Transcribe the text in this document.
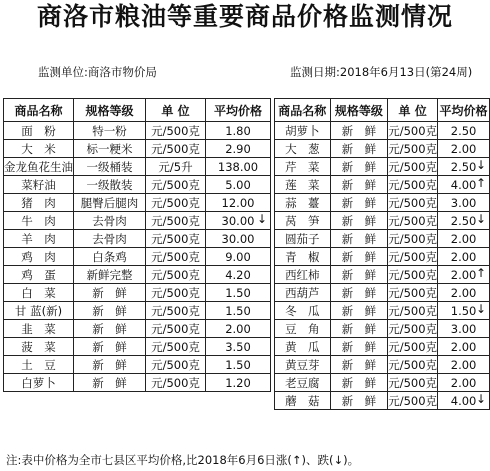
商洛市粮油等重要商品价格监测情况
监测单位:商洛市物价局	监测日期:2018年6月13日(第24周)
商品名称	规格等级	单 位	平均价格
面　粉	特一粉	元/500克	1.80
大　米	标一粳米	元/500克	2.90
金龙鱼花生油	一级桶装	元/5升	138.00
菜籽油	一级散装	元/500克	5.00
猪　肉	腿臀后腿肉	元/500克	12.00
牛　肉	去骨肉	元/500克	30.00 ↓

羊　肉	去骨肉	元/500克	30.00
鸡　肉	白条鸡	元/500克	9.00
鸡　蛋	新鲜完整	元/500克	4.20
白　菜	新　鲜	元/500克	1.50
甘 蓝(新)	新　鲜	元/500克	1.50
韭　菜	新　鲜	元/500克	2.00
菠　菜	新　鲜	元/500克	3.50
土　豆	新　鲜	元/500克	1.50
白萝卜	新　鲜	元/500克	1.20
商品名称	规格等级	单 位	平均价格
胡萝卜	新　鲜	元/500克	2.50
大　葱	新　鲜	元/500克	2.00
芹　菜	新　鲜	元/500克	2.50 ↓

莲　菜	新　鲜	元/500克	4.00 ↑

蒜　薹	新　鲜	元/500克	3.00
莴　笋	新　鲜	元/500克	2.50 ↓

圆茄子	新　鲜	元/500克	2.00
青　椒	新　鲜	元/500克	2.00
西红柿	新　鲜	元/500克	2.00 ↑

西葫芦	新　鲜	元/500克	2.00
冬　瓜	新　鲜	元/500克	1.50 ↓

豆　角	新　鲜	元/500克	3.00
黄　瓜	新　鲜	元/500克	2.00
黄豆芽	新　鲜	元/500克	2.00
老豆腐	新　鲜	元/500克	2.00
蘑　菇	新　鲜	元/500克	4.00 ↓
注:表中价格为全市七县区平均价格,比2018年6月6日涨(↑)、跌(↓)。
